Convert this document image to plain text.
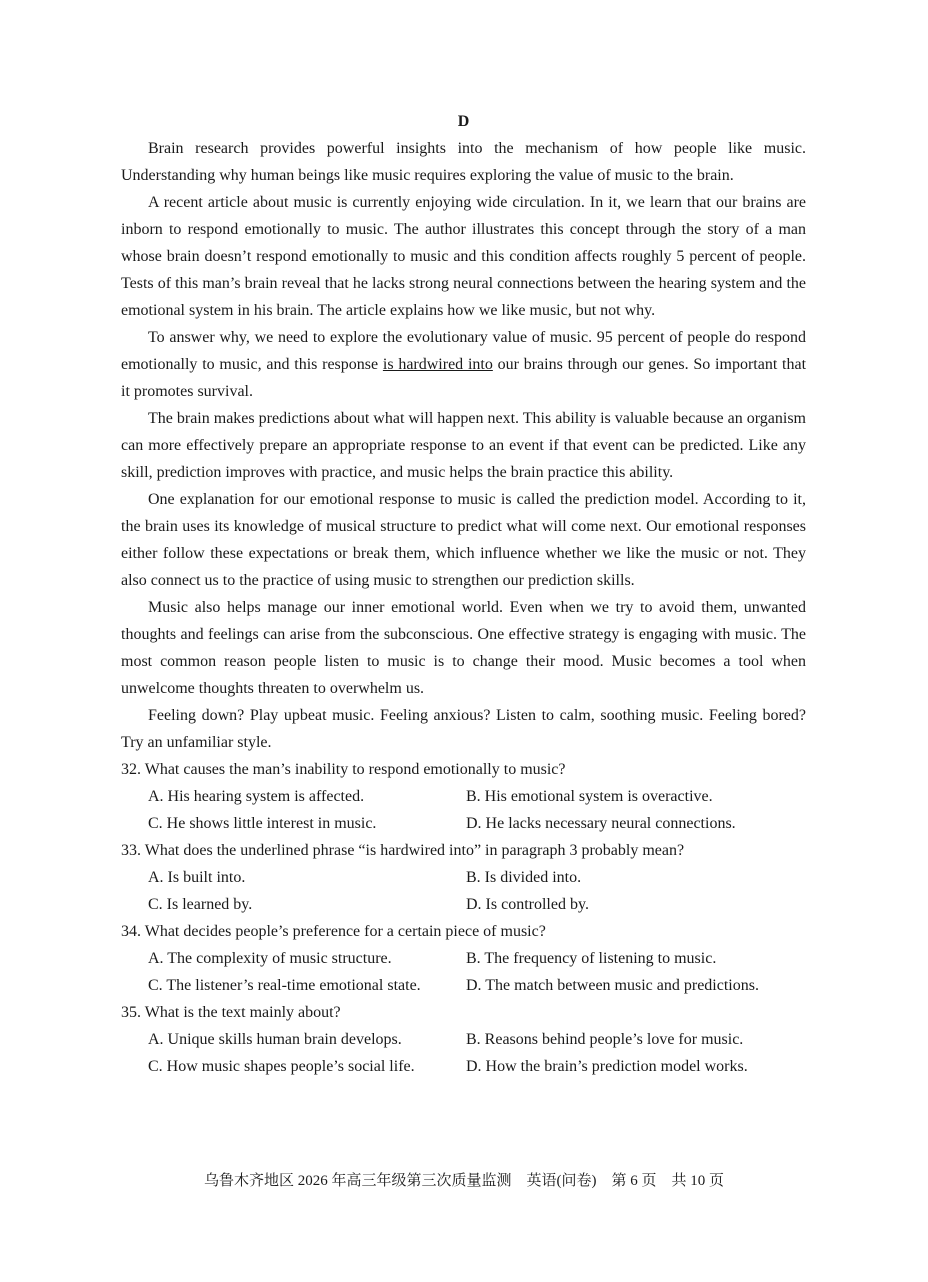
D

Brain research provides powerful insights into the mechanism of how people like music. Understanding why human beings like music requires exploring the value of music to the brain.

A recent article about music is currently enjoying wide circulation. In it, we learn that our brains are inborn to respond emotionally to music. The author illustrates this concept through the story of a man whose brain doesn’t respond emotionally to music and this condition affects roughly 5 percent of people. Tests of this man’s brain reveal that he lacks strong neural connections between the hearing system and the emotional system in his brain. The article explains how we like music, but not why.

To answer why, we need to explore the evolutionary value of music. 95 percent of people do respond emotionally to music, and this response is hardwired into our brains through our genes. So important that it promotes survival.

The brain makes predictions about what will happen next. This ability is valuable because an organism can more effectively prepare an appropriate response to an event if that event can be predicted. Like any skill, prediction improves with practice, and music helps the brain practice this ability.

One explanation for our emotional response to music is called the prediction model. According to it, the brain uses its knowledge of musical structure to predict what will come next. Our emotional responses either follow these expectations or break them, which influence whether we like the music or not. They also connect us to the practice of using music to strengthen our prediction skills.

Music also helps manage our inner emotional world. Even when we try to avoid them, unwanted thoughts and feelings can arise from the subconscious. One effective strategy is engaging with music. The most common reason people listen to music is to change their mood. Music becomes a tool when unwelcome thoughts threaten to overwhelm us.

Feeling down? Play upbeat music. Feeling anxious? Listen to calm, soothing music. Feeling bored? Try an unfamiliar style.

32. What causes the man’s inability to respond emotionally to music?

A. His hearing system is affected.	B. His emotional system is overactive.
C. He shows little interest in music.	D. He lacks necessary neural connections.

33. What does the underlined phrase “is hardwired into” in paragraph 3 probably mean?

A. Is built into.	B. Is divided into.
C. Is learned by.	D. Is controlled by.

34. What decides people’s preference for a certain piece of music?

A. The complexity of music structure.	B. The frequency of listening to music.
C. The listener’s real-time emotional state.	D. The match between music and predictions.

35. What is the text mainly about?

A. Unique skills human brain develops.	B. Reasons behind people’s love for music.
C. How music shapes people’s social life.	D. How the brain’s prediction model works.
乌鲁木齐地区 2026 年高三年级第三次质量监测　英语(问卷)　第 6 页　共 10 页
